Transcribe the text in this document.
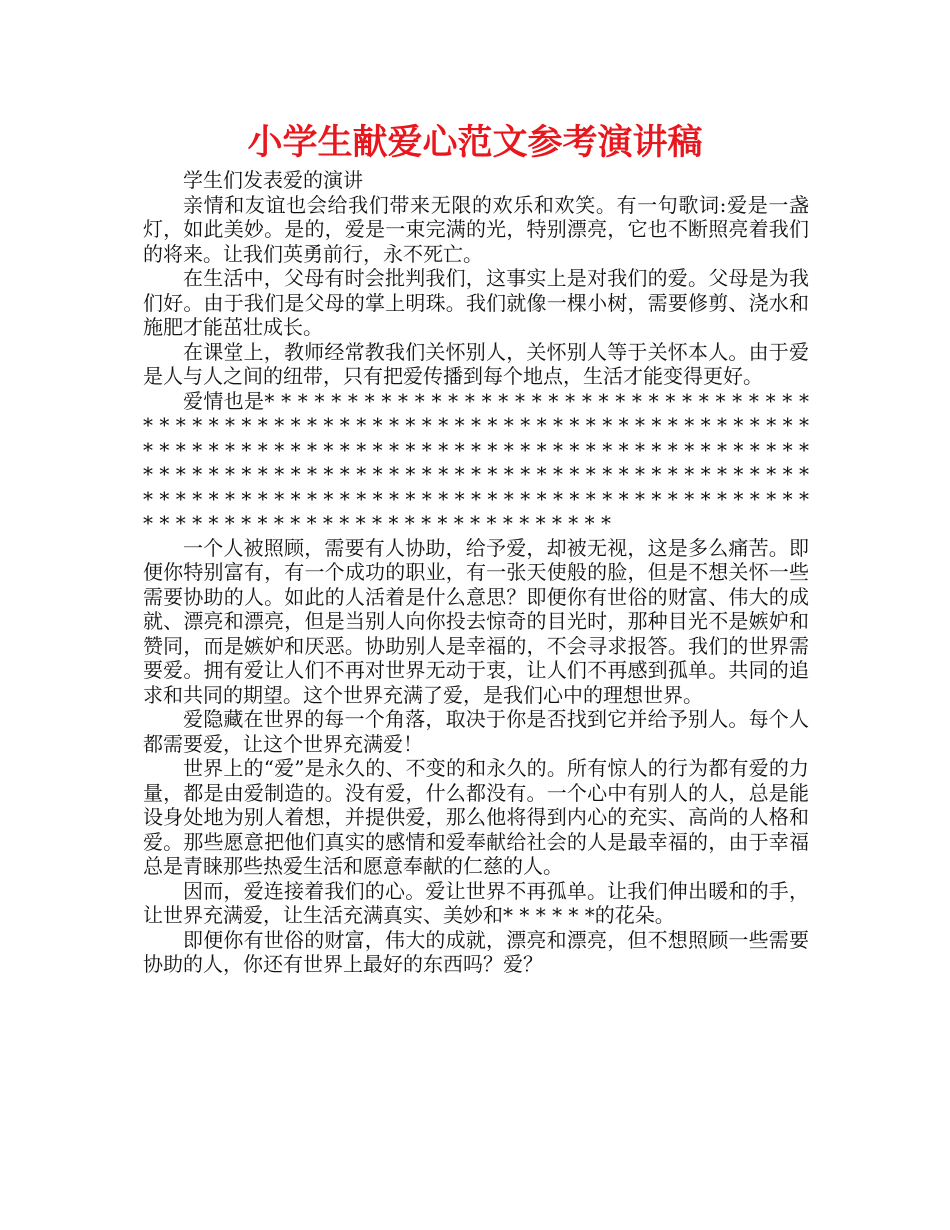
小学生献爱心范文参考演讲稿

学生们发表爱的演讲

亲情和友谊也会给我们带来无限的欢乐和欢笑。有一句歌词:爱是一盏灯，如此美妙。是的，爱是一束完满的光，特别漂亮，它也不断照亮着我们的将来。让我们英勇前行，永不死亡。

在生活中，父母有时会批判我们，这事实上是对我们的爱。父母是为我们好。由于我们是父母的掌上明珠。我们就像一棵小树，需要修剪、浇水和施肥才能茁壮成长。

在课堂上，教师经常教我们关怀别人，关怀别人等于关怀本人。由于爱是人与人之间的纽带，只有把爱传播到每个地点，生活才能变得更好。

爱情也是* * * * * * * * * * * * * * * * * * * * * * * * * * * * * * * * * * * * * * * * * * * * * * * * * * * * * * * * * * * * * * * * * * * * * * * * * * * * * * * * * * * * * * * * * * * * * * * * * * * * * * * * * * * * * * * * * * * * * * * * * * * * * * * * * * * * * * * * * * * * * * * * * * * * * * * * * * * * * * * * * * * * * * * * * * * * * * * * * * * * * * * * * * * * * * * * * * * * * * * * * * * * * * * * * * * * * * * * * * * * * * * * * *

一个人被照顾，需要有人协助，给予爱，却被无视，这是多么痛苦。即便你特别富有，有一个成功的职业，有一张天使般的脸，但是不想关怀一些需要协助的人。如此的人活着是什么意思？即便你有世俗的财富、伟大的成就、漂亮和漂亮，但是当别人向你投去惊奇的目光时，那种目光不是嫉妒和赞同，而是嫉妒和厌恶。协助别人是幸福的，不会寻求报答。我们的世界需要爱。拥有爱让人们不再对世界无动于衷，让人们不再感到孤单。共同的追求和共同的期望。这个世界充满了爱，是我们心中的理想世界。

爱隐藏在世界的每一个角落，取决于你是否找到它并给予别人。每个人都需要爱，让这个世界充满爱！

世界上的“爱”是永久的、不变的和永久的。所有惊人的行为都有爱的力量，都是由爱制造的。没有爱，什么都没有。一个心中有别人的人，总是能设身处地为别人着想，并提供爱，那么他将得到内心的充实、高尚的人格和爱。那些愿意把他们真实的感情和爱奉献给社会的人是最幸福的，由于幸福总是青睐那些热爱生活和愿意奉献的仁慈的人。

因而，爱连接着我们的心。爱让世界不再孤单。让我们伸出暖和的手，让世界充满爱，让生活充满真实、美妙和* * * * * *的花朵。

即便你有世俗的财富，伟大的成就，漂亮和漂亮，但不想照顾一些需要协助的人，你还有世界上最好的东西吗？爱？
